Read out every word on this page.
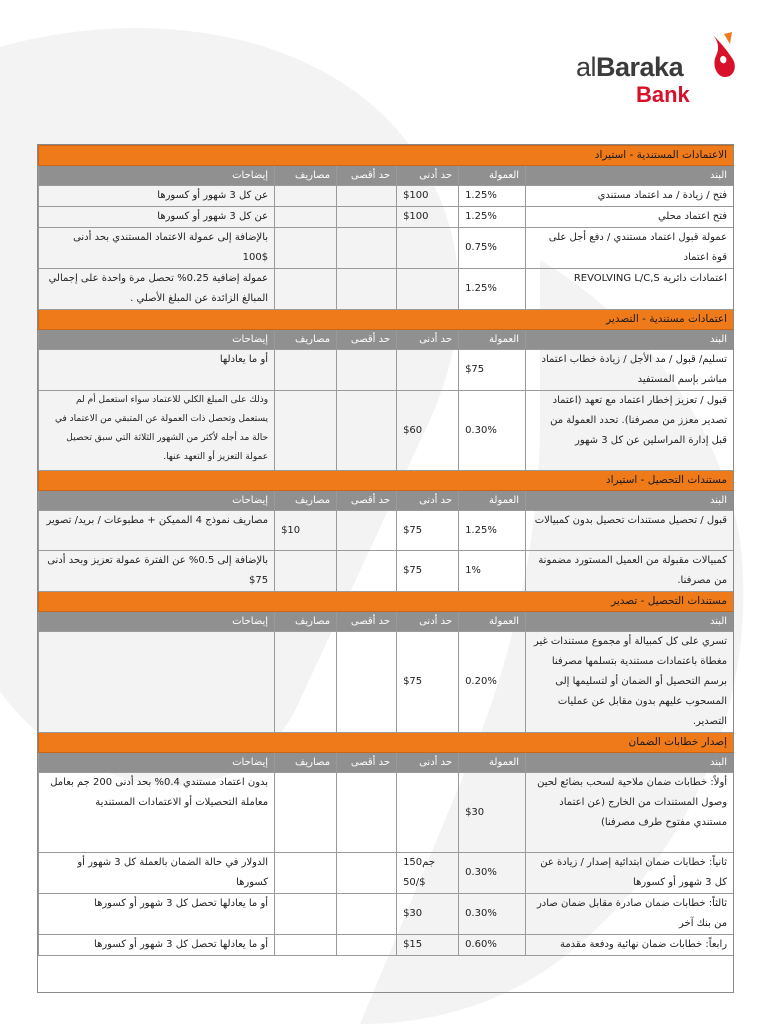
alBaraka
Bank
الاعتمادات المستندية - استيراد					
البند	العمولة	حد أدنى	حد أقصى	مصاريف	إيضاحات
فتح / زيادة / مد اعتماد مستندي	1.25%	$100			عن كل 3 شهور أو كسورها
فتح اعتماد محلي	1.25%	$100			عن كل 3 شهور أو كسورها
عمولة قبول اعتماد مستندي / دفع أجل على قوة اعتماد	0.75%				بالإضافة إلى عمولة الاعتماد المستندي بحد أدنى $100
اعتمادات دائرية REVOLVING L/C,S	1.25%				عمولة إضافية 0.25% تحصل مرة واحدة على إجمالي المبالغ الزائدة عن المبلغ الأصلي .
اعتمادات مستندية - التصدير					
البند	العمولة	حد أدنى	حد أقصى	مصاريف	إيضاحات
تسليم/ قبول / مد الأجل / زيادة خطاب اعتماد مباشر بإسم المستفيد	$75				أو ما يعادلها
قبول / تعزيز إخطار اعتماد مع تعهد (اعتماد تصدير معزز من مصرفنا). تحدد العمولة من قبل إدارة المراسلين عن كل 3 شهور	0.30%	$60			وذلك على المبلغ الكلي للاعتماد سواء استعمل أم لم يستعمل وتحصل ذات العمولة عن المتبقي من الاعتماد في حالة مد أجله لأكثر من الشهور الثلاثة التي سبق تحصيل عمولة التعزيز أو التعهد عنها.
مستندات التحصيل - استيراد					
البند	العمولة	حد أدنى	حد أقصى	مصاريف	إيضاحات
قبول / تحصيل مستندات تحصيل بدون كمبيالات	1.25%	$75		$10	مصاريف نموذج 4 المميكن + مطبوعات / بريد/ تصوير
كمبيالات مقبولة من العميل المستورد مضمونة من مصرفنا.	1%	$75			بالإضافة إلى 0.5% عن الفترة عمولة تعزيز وبحد أدنى 75$
مستندات التحصيل - تصدير					
البند	العمولة	حد أدنى	حد أقصى	مصاريف	إيضاحات
تسري على كل كمبيالة أو مجموع مستندات غير مغطاة باعتمادات مستندية بتسلمها مصرفنا برسم التحصيل أو الضمان أو لتسليمها إلى المسحوب عليهم بدون مقابل عن عمليات التصدير.	0.20%	$75			
إصدار خطابات الضمان					
البند	العمولة	حد أدنى	حد أقصى	مصاريف	إيضاحات
أولاً: خطابات ضمان ملاحية لسحب بضائع لحين وصول المستندات من الخارج (عن اعتماد مستندي مفتوح طرف مصرفنا)	$30				بدون اعتماد مستندي 0.4% بحد أدنى 200 جم بعامل معاملة التحصيلات أو الاعتمادات المستندية
ثانياً: خطابات ضمان ابتدائية إصدار / زيادة عن كل 3 شهور أو كسورها	0.30%	150جم /50$			الدولار في حالة الضمان بالعملة كل 3 شهور أو كسورها
ثالثاً: خطابات ضمان صادرة مقابل ضمان صادر من بنك آخر	0.30%	$30			أو ما يعادلها تحصل كل 3 شهور أو كسورها
رابعاً: خطابات ضمان نهائية ودفعة مقدمة	0.60%	$15			أو ما يعادلها تحصل كل 3 شهور أو كسورها
